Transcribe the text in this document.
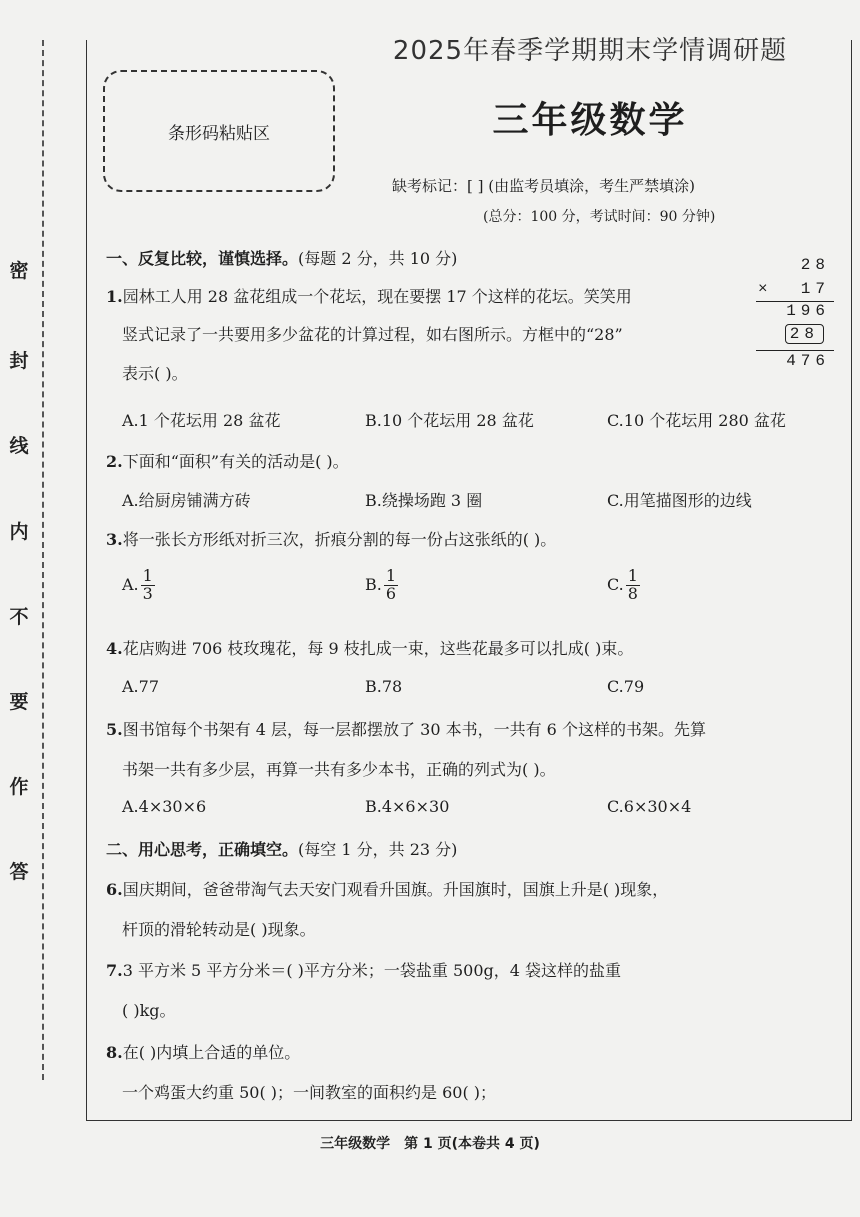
密
封
线
内
不
要
作
答
2025年春季学期期末学情调研题
条形码粘贴区	三年级数学
缺考标记：[ ] (由监考员填涂，考生严禁填涂)
(总分：100 分，考试时间：90 分钟)
一、反复比较，谨慎选择。(每题 2 分，共 10 分)
1.园林工人用 28 盆花组成一个花坛，现在要摆 17 个这样的花坛。笑笑用
竖式记录了一共要用多少盆花的计算过程，如右图所示。方框中的“28”
表示( )。
28
× 17
196
28
476
A.1 个花坛用 28 盆花	B.10 个花坛用 28 盆花	C.10 个花坛用 280 盆花
2.下面和“面积”有关的活动是( )。
A.给厨房铺满方砖	B.绕操场跑 3 圈	C.用笔描图形的边线
3.将一张长方形纸对折三次，折痕分割的每一份占这张纸的( )。
A. $\frac{1}{3}$	B. $\frac{1}{6}$	C. $\frac{1}{8}$
4.花店购进 706 枝玫瑰花，每 9 枝扎成一束，这些花最多可以扎成( )束。
A.77	B.78	C.79
5.图书馆每个书架有 4 层，每一层都摆放了 30 本书，一共有 6 个这样的书架。先算
书架一共有多少层，再算一共有多少本书，正确的列式为( )。
A.4×30×6	B.4×6×30	C.6×30×4
二、用心思考，正确填空。(每空 1 分，共 23 分)
6.国庆期间，爸爸带淘气去天安门观看升国旗。升国旗时，国旗上升是( )现象，
杆顶的滑轮转动是( )现象。
7.3 平方米 5 平方分米＝( )平方分米；一袋盐重 500g，4 袋这样的盐重
( )kg。
8.在( )内填上合适的单位。
一个鸡蛋大约重 50( )；一间教室的面积约是 60( )；
三年级数学　第 1 页(本卷共 4 页)
